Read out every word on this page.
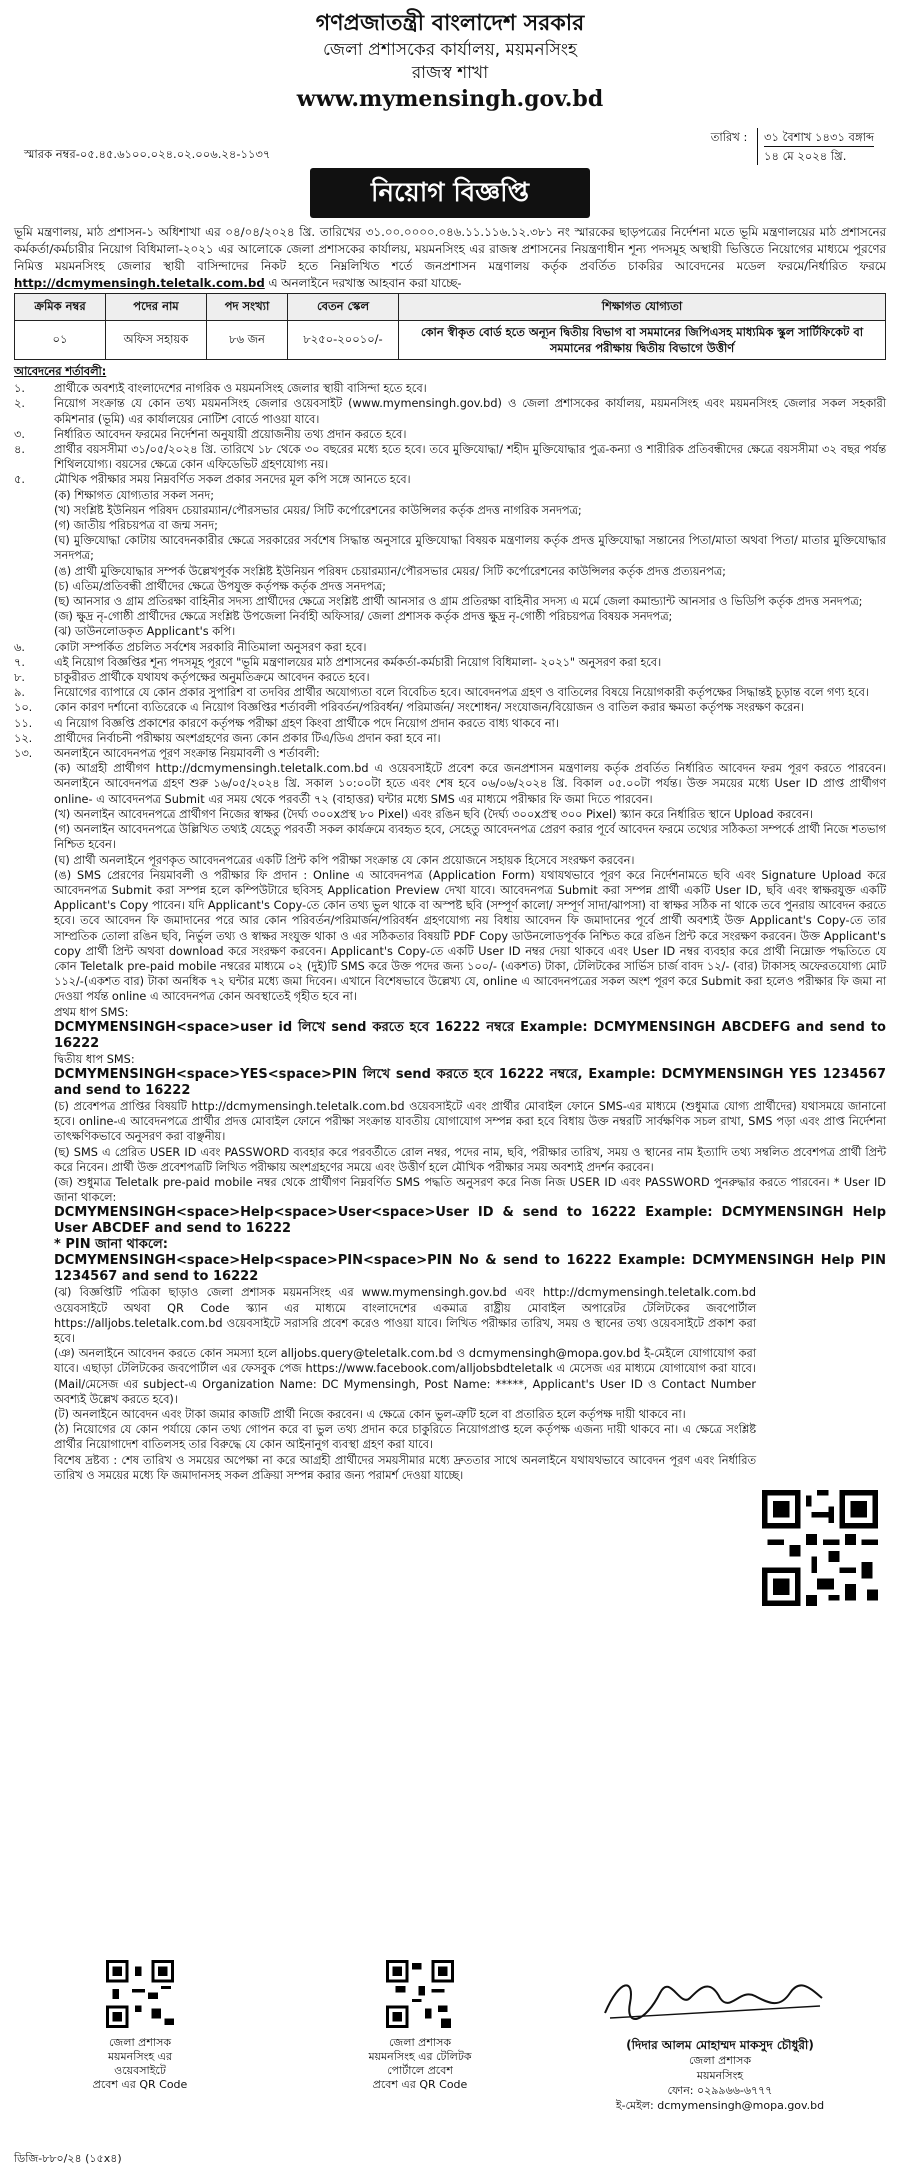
গণপ্রজাতন্ত্রী বাংলাদেশ সরকার
জেলা প্রশাসকের কার্যালয়, ময়মনসিংহ
রাজস্ব শাখা
www.mymensingh.gov.bd
স্মারক নম্বর-০৫.৪৫.৬১০০.০২৪.০২.০০৬.২৪-১১৩৭
তারিখ : ৩১ বৈশাখ ১৪৩১ বঙ্গাব্দ
১৪ মে ২০২৪ খ্রি.
নিয়োগ বিজ্ঞপ্তি
ভূমি মন্ত্রণালয়, মাঠ প্রশাসন-১ অধিশাখা এর ০৪/০৪/২০২৪ খ্রি. তারিখের ৩১.০০.০০০০.০৪৬.১১.১১৬.১২.৩৮১ নং স্মারকের ছাড়পত্রের নির্দেশনা মতে ভূমি মন্ত্রণালয়ের মাঠ প্রশাসনের কর্মকর্তা/কর্মচারীর নিয়োগ বিধিমালা-২০২১ এর আলোকে জেলা প্রশাসকের কার্যালয়, ময়মনসিংহ এর রাজস্ব প্রশাসনের নিয়ন্ত্রণাধীন শূন্য পদসমূহ অস্থায়ী ভিত্তিতে নিয়োগের মাধ্যমে পূরণের নিমিত্ত ময়মনসিংহ জেলার স্থায়ী বাসিন্দাদের নিকট হতে নিম্নলিখিত শর্তে জনপ্রশাসন মন্ত্রণালয় কর্তৃক প্রবর্তিত চাকরির আবেদনের মডেল ফরমে/নির্ধারিত ফরমে http://dcmymensingh.teletalk.com.bd এ অনলাইনে দরখাস্ত আহবান করা যাচ্ছে-
ক্রমিক নম্বর	পদের নাম	পদ সংখ্যা	বেতন স্কেল	শিক্ষাগত যোগ্যতা
০১	অফিস সহায়ক	৮৬ জন	৮২৫০-২০০১০/-	কোন স্বীকৃত বোর্ড হতে অন্যূন দ্বিতীয় বিভাগ বা সমমানের জিপিএসহ মাধ্যমিক স্কুল সার্টিফিকেট বা সমমানের পরীক্ষায় দ্বিতীয় বিভাগে উত্তীর্ণ
আবেদনের শর্তাবলী:
১.	প্রার্থীকে অবশ্যই বাংলাদেশের নাগরিক ও ময়মনসিংহ জেলার স্থায়ী বাসিন্দা হতে হবে।
২.	নিয়োগ সংক্রান্ত যে কোন তথ্য ময়মনসিংহ জেলার ওয়েবসাইট (www.mymensingh.gov.bd) ও জেলা প্রশাসকের কার্যালয়, ময়মনসিংহ এবং ময়মনসিংহ জেলার সকল সহকারী কমিশনার (ভূমি) এর কার্যালয়ের নোটিশ বোর্ডে পাওয়া যাবে।
৩.	নির্ধারিত আবেদন ফরমের নির্দেশনা অনুযায়ী প্রয়োজনীয় তথ্য প্রদান করতে হবে।
৪.	প্রার্থীর বয়সসীমা ৩১/০৫/২০২৪ খ্রি. তারিখে ১৮ থেকে ৩০ বছরের মধ্যে হতে হবে। তবে মুক্তিযোদ্ধা/ শহীদ মুক্তিযোদ্ধার পুত্র-কন্যা ও শারীরিক প্রতিবন্ধীদের ক্ষেত্রে বয়সসীমা ৩২ বছর পর্যন্ত শিথিলযোগ্য। বয়সের ক্ষেত্রে কোন এফিডেভিট গ্রহণযোগ্য নয়।
৫.	মৌখিক পরীক্ষার সময় নিম্নবর্ণিত সকল প্রকার সনদের মূল কপি সঙ্গে আনতে হবে।
(ক) শিক্ষাগত যোগ্যতার সকল সনদ;
(খ) সংশ্লিষ্ট ইউনিয়ন পরিষদ চেয়ারম্যান/পৌরসভার মেয়র/ সিটি কর্পোরেশনের কাউন্সিলর কর্তৃক প্রদত্ত নাগরিক সনদপত্র;
(গ) জাতীয় পরিচয়পত্র বা জন্ম সনদ;
(ঘ) মুক্তিযোদ্ধা কোটায় আবেদনকারীর ক্ষেত্রে সরকারের সর্বশেষ সিদ্ধান্ত অনুসারে মুক্তিযোদ্ধা বিষয়ক মন্ত্রণালয় কর্তৃক প্রদত্ত মুক্তিযোদ্ধা সন্তানের পিতা/মাতা অথবা পিতা/ মাতার মুক্তিযোদ্ধার সনদপত্র;
(ঙ) প্রার্থী মুক্তিযোদ্ধার সম্পর্ক উল্লেখপূর্বক সংশ্লিষ্ট ইউনিয়ন পরিষদ চেয়ারম্যান/পৌরসভার মেয়র/ সিটি কর্পোরেশনের কাউন্সিলর কর্তৃক প্রদত্ত প্রত্যয়নপত্র;
(চ) এতিম/প্রতিবন্ধী প্রার্থীদের ক্ষেত্রে উপযুক্ত কর্তৃপক্ষ কর্তৃক প্রদত্ত সনদপত্র;
(ছ) আনসার ও গ্রাম প্রতিরক্ষা বাহিনীর সদস্য প্রার্থীদের ক্ষেত্রে সংশ্লিষ্ট প্রার্থী আনসার ও গ্রাম প্রতিরক্ষা বাহিনীর সদস্য এ মর্মে জেলা কমান্ড্যান্ট আনসার ও ভিডিপি কর্তৃক প্রদত্ত সনদপত্র;
(জ) ক্ষুদ্র নৃ-গোষ্ঠী প্রার্থীদের ক্ষেত্রে সংশ্লিষ্ট উপজেলা নির্বাহী অফিসার/ জেলা প্রশাসক কর্তৃক প্রদত্ত ক্ষুদ্র নৃ-গোষ্ঠী পরিচয়পত্র বিষয়ক সনদপত্র;
(ঝ) ডাউনলোডকৃত Applicant's কপি।
৬.	কোটা সম্পর্কিত প্রচলিত সর্বশেষ সরকারি নীতিমালা অনুসরণ করা হবে।
৭.	এই নিয়োগ বিজ্ঞপ্তির শূন্য পদসমূহ পূরণে "ভূমি মন্ত্রণালয়ের মাঠ প্রশাসনের কর্মকর্তা-কর্মচারী নিয়োগ বিধিমালা- ২০২১" অনুসরণ করা হবে।
৮.	চাকুরীরত প্রার্থীকে যথাযথ কর্তৃপক্ষের অনুমতিক্রমে আবেদন করতে হবে।
৯.	নিয়োগের ব্যাপারে যে কোন প্রকার সুপারিশ বা তদবির প্রার্থীর অযোগ্যতা বলে বিবেচিত হবে। আবেদনপত্র গ্রহণ ও বাতিলের বিষয়ে নিয়োগকারী কর্তৃপক্ষের সিদ্ধান্তই চূড়ান্ত বলে গণ্য হবে।
১০.	কোন কারণ দর্শানো ব্যতিরেকে এ নিয়োগ বিজ্ঞপ্তির শর্তাবলী পরিবর্তন/পরিবর্ধন/ পরিমার্জন/ সংশোধন/ সংযোজন/বিয়োজন ও বাতিল করার ক্ষমতা কর্তৃপক্ষ সংরক্ষণ করেন।
১১.	এ নিয়োগ বিজ্ঞপ্তি প্রকাশের কারণে কর্তৃপক্ষ পরীক্ষা গ্রহণ কিংবা প্রার্থীকে পদে নিয়োগ প্রদান করতে বাধ্য থাকবে না।
১২.	প্রার্থীদের নির্বাচনী পরীক্ষায় অংশগ্রহণের জন্য কোন প্রকার টিএ/ডিএ প্রদান করা হবে না।
১৩.	অনলাইনে আবেদনপত্র পূরণ সংক্রান্ত নিয়মাবলী ও শর্তাবলী:
(ক) আগ্রহী প্রার্থীগণ http://dcmymensingh.teletalk.com.bd এ ওয়েবসাইটে প্রবেশ করে জনপ্রশাসন মন্ত্রণালয় কর্তৃক প্রবর্তিত নির্ধারিত আবেদন ফরম পূরণ করতে পারবেন। অনলাইনে আবেদনপত্র গ্রহণ শুরু ১৬/০৫/২০২৪ খ্রি. সকাল ১০:০০টা হতে এবং শেষ হবে ০৬/০৬/২০২৪ খ্রি. বিকাল ০৫.০০টা পর্যন্ত। উক্ত সময়ের মধ্যে User ID প্রাপ্ত প্রার্থীগণ online- এ আবেদনপত্র Submit এর সময় থেকে পরবর্তী ৭২ (বাহাত্তর) ঘন্টার মধ্যে SMS এর মাধ্যমে পরীক্ষার ফি জমা দিতে পারবেন।
(খ) অনলাইন আবেদনপত্রে প্রার্থীগণ নিজের স্বাক্ষর (দৈর্ঘ্য ৩০০xপ্রস্থ ৮০ Pixel) এবং রঙিন ছবি (দৈর্ঘ্য ৩০০xপ্রস্থ ৩০০ Pixel) স্ক্যান করে নির্ধারিত স্থানে Upload করবেন।
(গ) অনলাইন আবেদনপত্রে উল্লিখিত তথ্যই যেহেতু পরবর্তী সকল কার্যক্রমে ব্যবহৃত হবে, সেহেতু আবেদনপত্র প্রেরণ করার পূর্বে আবেদন ফরমে তথ্যের সঠিকতা সম্পর্কে প্রার্থী নিজে শতভাগ নিশ্চিত হবেন।
(ঘ) প্রার্থী অনলাইনে পূরণকৃত আবেদনপত্রের একটি প্রিন্ট কপি পরীক্ষা সংক্রান্ত যে কোন প্রয়োজনে সহায়ক হিসেবে সংরক্ষণ করবেন।
(ঙ) SMS প্রেরণের নিয়মাবলী ও পরীক্ষার ফি প্রদান : Online এ আবেদনপত্র (Application Form) যথাযথভাবে পূরণ করে নির্দেশনামতে ছবি এবং Signature Upload করে আবেদনপত্র Submit করা সম্পন্ন হলে কম্পিউটারে ছবিসহ Application Preview দেখা যাবে। আবেদনপত্র Submit করা সম্পন্ন প্রার্থী একটি User ID, ছবি এবং স্বাক্ষরযুক্ত একটি Applicant's Copy পাবেন। যদি Applicant's Copy-তে কোন তথ্য ভুল থাকে বা অস্পষ্ট ছবি (সম্পূর্ণ কালো/ সম্পূর্ণ সাদা/ঝাপসা) বা স্বাক্ষর সঠিক না থাকে তবে পুনরায় আবেদন করতে হবে। তবে আবেদন ফি জমাদানের পরে আর কোন পরিবর্তন/পরিমার্জন/পরিবর্ধন গ্রহণযোগ্য নয় বিধায় আবেদন ফি জমাদানের পূর্বে প্রার্থী অবশ্যই উক্ত Applicant's Copy-তে তার সাম্প্রতিক তোলা রঙিন ছবি, নির্ভুল তথ্য ও স্বাক্ষর সংযুক্ত থাকা ও এর সঠিকতার বিষয়টি PDF Copy ডাউনলোডপূর্বক নিশ্চিত করে রঙিন প্রিন্ট করে সংরক্ষণ করবেন। উক্ত Applicant's copy প্রার্থী প্রিন্ট অথবা download করে সংরক্ষণ করবেন। Applicant's Copy-তে একটি User ID নম্বর দেয়া থাকবে এবং User ID নম্বর ব্যবহার করে প্রার্থী নিম্নোক্ত পদ্ধতিতে যে কোন Teletalk pre-paid mobile নম্বরের মাধ্যমে ০২ (দুই)টি SMS করে উক্ত পদের জন্য ১০০/- (একশত) টাকা, টেলিটকের সার্ভিস চার্জ বাবদ ১২/- (বার) টাকাসহ অফেরতযোগ্য মোট ১১২/-(একশত বার) টাকা অনধিক ৭২ ঘন্টার মধ্যে জমা দিবেন। এখানে বিশেষভাবে উল্লেখ্য যে, online এ আবেদনপত্রের সকল অংশ পূরণ করে Submit করা হলেও পরীক্ষার ফি জমা না দেওয়া পর্যন্ত online এ আবেদনপত্র কোন অবস্থাতেই গৃহীত হবে না।
প্রথম ধাপ SMS:
DCMYMENSINGH<space>user id লিখে send করতে হবে 16222 নম্বরে Example: DCMYMENSINGH ABCDEFG and send to 16222
দ্বিতীয় ধাপ SMS:
DCMYMENSINGH<space>YES<space>PIN লিখে send করতে হবে 16222 নম্বরে, Example: DCMYMENSINGH YES 1234567 and send to 16222
(চ) প্রবেশপত্র প্রাপ্তির বিষয়টি http://dcmymensingh.teletalk.com.bd ওয়েবসাইটে এবং প্রার্থীর মোবাইল ফোনে SMS-এর মাধ্যমে (শুধুমাত্র যোগ্য প্রার্থীদের) যথাসময়ে জানানো হবে। online-এ আবেদনপত্রে প্রার্থীর প্রদত্ত মোবাইল ফোনে পরীক্ষা সংক্রান্ত যাবতীয় যোগাযোগ সম্পন্ন করা হবে বিধায় উক্ত নম্বরটি সার্বক্ষণিক সচল রাখা, SMS পড়া এবং প্রাপ্ত নির্দেশনা তাৎক্ষণিকভাবে অনুসরণ করা বাঞ্ছনীয়।
(ছ) SMS এ প্রেরিত USER ID এবং PASSWORD ব্যবহার করে পরবর্তীতে রোল নম্বর, পদের নাম, ছবি, পরীক্ষার তারিখ, সময় ও স্থানের নাম ইত্যাদি তথ্য সম্বলিত প্রবেশপত্র প্রার্থী প্রিন্ট করে নিবেন। প্রার্থী উক্ত প্রবেশপত্রটি লিখিত পরীক্ষায় অংশগ্রহণের সময়ে এবং উত্তীর্ণ হলে মৌখিক পরীক্ষার সময় অবশ্যই প্রদর্শন করবেন।
(জ) শুধুমাত্র Teletalk pre-paid mobile নম্বর থেকে প্রার্থীগণ নিম্নবর্ণিত SMS পদ্ধতি অনুসরণ করে নিজ নিজ USER ID এবং PASSWORD পুনরুদ্ধার করতে পারবেন। * User ID জানা থাকলে:
DCMYMENSINGH<space>Help<space>User<space>User ID & send to 16222 Example: DCMYMENSINGH Help User ABCDEF and send to 16222
* PIN জানা থাকলে:
DCMYMENSINGH<space>Help<space>PIN<space>PIN No & send to 16222 Example: DCMYMENSINGH Help PIN 1234567 and send to 16222
(ঝ) বিজ্ঞপ্তিটি পত্রিকা ছাড়াও জেলা প্রশাসক ময়মনসিংহ এর www.mymensingh.gov.bd এবং http://dcmymensingh.teletalk.com.bd ওয়েবসাইটে অথবা QR Code স্ক্যান এর মাধ্যমে বাংলাদেশের একমাত্র রাষ্ট্রীয় মোবাইল অপারেটর টেলিটকের জবপোর্টাল https://alljobs.teletalk.com.bd ওয়েবসাইটে সরাসরি প্রবেশ করেও পাওয়া যাবে। লিখিত পরীক্ষার তারিখ, সময় ও স্থানের তথ্য ওয়েবসাইটে প্রকাশ করা হবে।
(ঞ) অনলাইনে আবেদন করতে কোন সমস্যা হলে alljobs.query@teletalk.com.bd ও dcmymensingh@mopa.gov.bd ই-মেইলে যোগাযোগ করা যাবে। এছাড়া টেলিটকের জবপোর্টাল এর ফেসবুক পেজ https://www.facebook.com/alljobsbdteletalk এ মেসেজ এর মাধ্যমে যোগাযোগ করা যাবে। (Mail/মেসেজ এর subject-এ Organization Name: DC Mymensingh, Post Name: *****, Applicant's User ID ও Contact Number অবশ্যই উল্লেখ করতে হবে)।
(ট) অনলাইনে আবেদন এবং টাকা জমার কাজটি প্রার্থী নিজে করবেন। এ ক্ষেত্রে কোন ভুল-ত্রুটি হলে বা প্রতারিত হলে কর্তৃপক্ষ দায়ী থাকবে না।
(ঠ) নিয়োগের যে কোন পর্যায়ে কোন তথ্য গোপন করে বা ভুল তথ্য প্রদান করে চাকুরিতে নিয়োগপ্রাপ্ত হলে কর্তৃপক্ষ এজন্য দায়ী থাকবে না। এ ক্ষেত্রে সংশ্লিষ্ট প্রার্থীর নিয়োগাদেশ বাতিলসহ তার বিরুদ্ধে যে কোন আইনানুগ ব্যবস্থা গ্রহণ করা যাবে।
বিশেষ দ্রষ্টব্য : শেষ তারিখ ও সময়ের অপেক্ষা না করে আগ্রহী প্রার্থীদের সময়সীমার মধ্যে দ্রুততার সাথে অনলাইনে যথাযথভাবে আবেদন পূরণ এবং নির্ধারিত তারিখ ও সময়ের মধ্যে ফি জমাদানসহ সকল প্রক্রিয়া সম্পন্ন করার জন্য পরামর্শ দেওয়া যাচ্ছে।
জেলা প্রশাসক
ময়মনসিংহ এর
ওয়েবসাইটে
প্রবেশ এর QR Code
জেলা প্রশাসক
ময়মনসিংহ এর টেলিটক
পোর্টালে প্রবেশ
প্রবেশ এর QR Code
(দিদার আলম মোহাম্মদ মাকসুদ চৌধুরী)
জেলা প্রশাসক
ময়মনসিংহ
ফোন: ০২৯৯৬৬-৬৭৭৭
ই-মেইল: dcmymensingh@mopa.gov.bd
ডিজি-৮৮০/২৪ (১৫x৪)
